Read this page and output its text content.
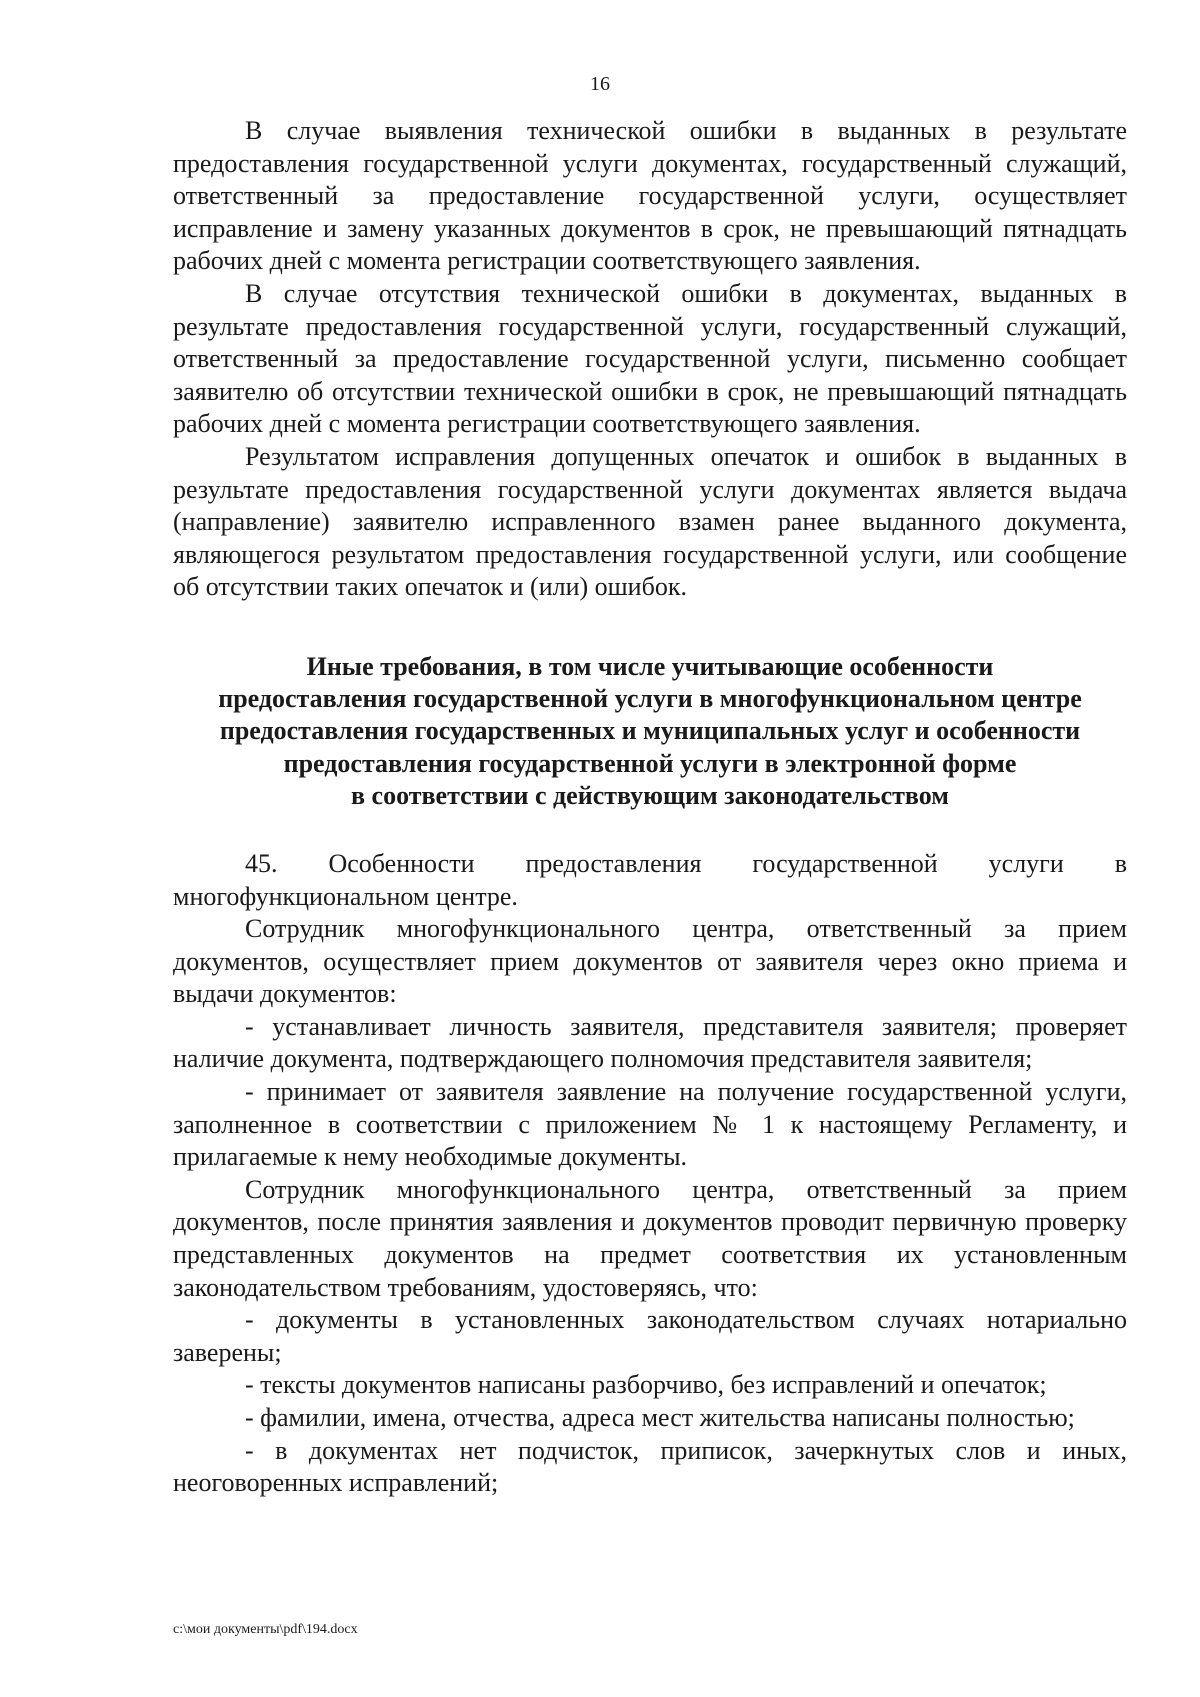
16

В случае выявления технической ошибки в выданных в результате предоставления государственной услуги документах, государственный служащий, ответственный за предоставление государственной услуги, осуществляет исправление и замену указанных документов в срок, не превышающий пятнадцать рабочих дней с момента регистрации соответствующего заявления.

В случае отсутствия технической ошибки в документах, выданных в результате предоставления государственной услуги, государственный служащий, ответственный за предоставление государственной услуги, письменно сообщает заявителю об отсутствии технической ошибки в срок, не превышающий пятнадцать рабочих дней с момента регистрации соответствующего заявления.

Результатом исправления допущенных опечаток и ошибок в выданных в результате предоставления государственной услуги документах является выдача (направление) заявителю исправленного взамен ранее выданного документа, являющегося результатом предоставления государственной услуги, или сообщение об отсутствии таких опечаток и (или) ошибок.

Иные требования, в том числе учитывающие особенности
предоставления государственной услуги в многофункциональном центре
предоставления государственных и муниципальных услуг и особенности
предоставления государственной услуги в электронной форме
в соответствии с действующим законодательством

45. Особенности предоставления государственной услуги в многофункциональном центре.

Сотрудник многофункционального центра, ответственный за прием документов, осуществляет прием документов от заявителя через окно приема и выдачи документов:

- устанавливает личность заявителя, представителя заявителя; проверяет наличие документа, подтверждающего полномочия представителя заявителя;

- принимает от заявителя заявление на получение государственной услуги, заполненное в соответствии с приложением № 1 к настоящему Регламенту, и прилагаемые к нему необходимые документы.

Сотрудник многофункционального центра, ответственный за прием документов, после принятия заявления и документов проводит первичную проверку представленных документов на предмет соответствия их установленным законодательством требованиям, удостоверяясь, что:

- документы в установленных законодательством случаях нотариально заверены;

- тексты документов написаны разборчиво, без исправлений и опечаток;

- фамилии, имена, отчества, адреса мест жительства написаны полностью;

- в документах нет подчисток, приписок, зачеркнутых слов и иных, неоговоренных исправлений;

c:\мои документы\pdf\194.docx
